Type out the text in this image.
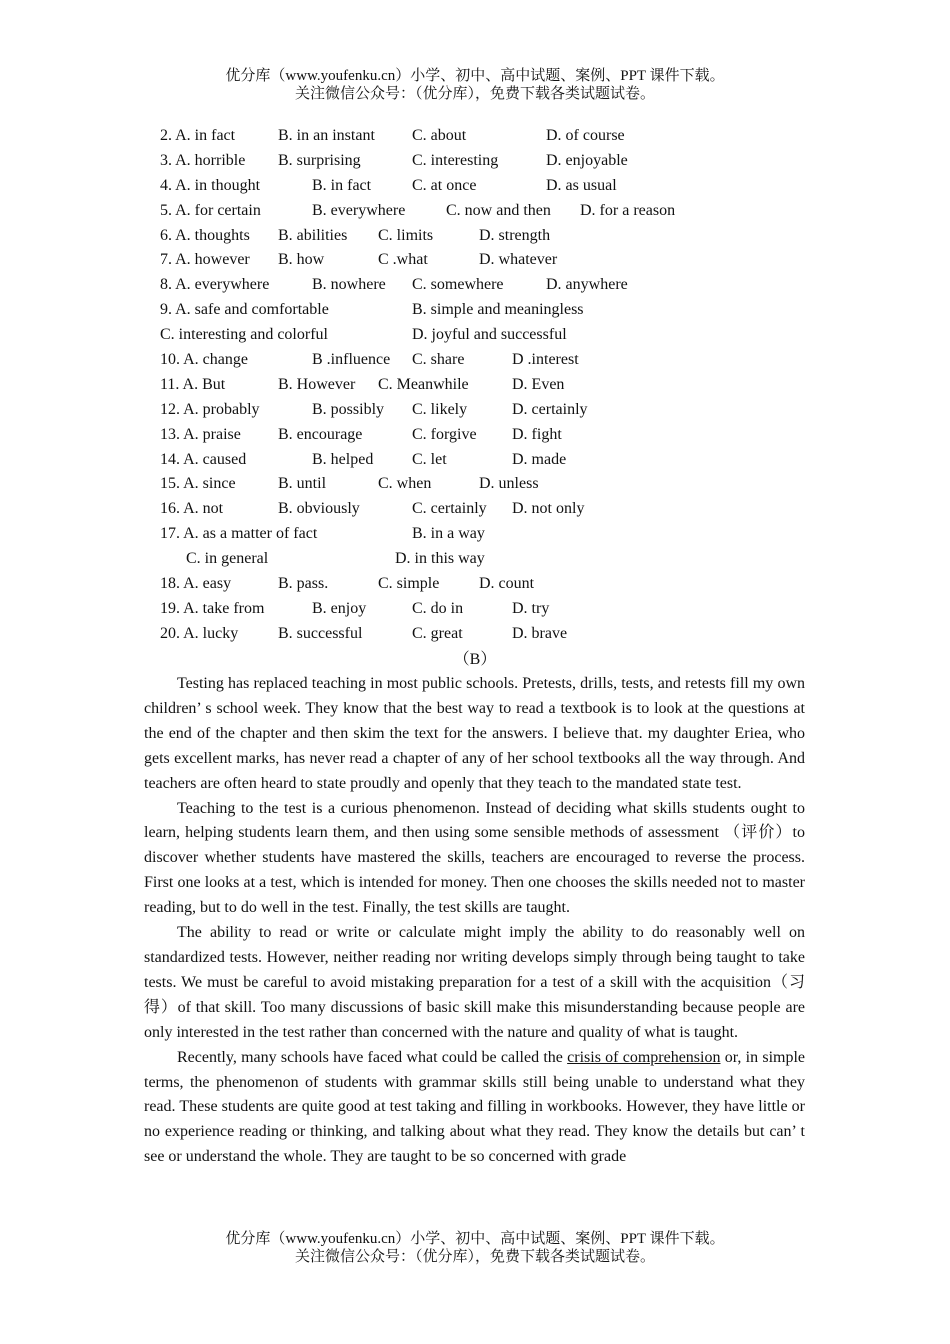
优分库（www.youfenku.cn）小学、初中、高中试题、案例、PPT 课件下载。
关注微信公众号：（优分库），免费下载各类试题试卷。
2. A. in fact	B. in an instant C. about	D. of course
3. A. horrible B. surprising	C. interesting	D. enjoyable
4. A. in thought	B. in fact	C. at once	D. as usual
5. A. for certain	B. everywhere	C. now and then D. for a reason
6. A. thoughts B. abilities C. limits	D. strength
7. A. however B. how	C .what	D. whatever
8. A. everywhere	B. nowhere C. somewhere	D. anywhere
9. A. safe and comfortable	B. simple and meaningless
C. interesting and colorful	D. joyful and successful
10. A. change	B .influence C. share	D .interest
11. A. But	B. However C. Meanwhile	D. Even
12. A. probably	B. possibly C. likely	D. certainly
13. A. praise B. encourage	C. forgive D. fight
14. A. caused	B. helped C. let	D. made
15. A. since	B. until	C. when	D. unless
16. A. not	B. obviously	C. certainly D. not only
17. A. as a matter of fact	B. in a way
C. in general	D. in this way
18. A. easy	B. pass.	C. simple D. count
19. A. take from	B. enjoy	C. do in	D. try
20. A. lucky B. successful	C. great	D. brave
（B）

Testing has replaced teaching in most public schools. Pretests, drills, tests, and retests fill my own children’ s school week. They know that the best way to read a textbook is to look at the questions at the end of the chapter and then skim the text for the answers. I believe that. my daughter Eriea, who gets excellent marks, has never read a chapter of any of her school textbooks all the way through. And teachers are often heard to state proudly and openly that they teach to the mandated state test.

Teaching to the test is a curious phenomenon. Instead of deciding what skills students ought to learn, helping students learn them, and then using some sensible methods of assessment （评价）to discover whether students have mastered the skills, teachers are encouraged to reverse the process. First one looks at a test, which is intended for money. Then one chooses the skills needed not to master reading, but to do well in the test. Finally, the test skills are taught.

The ability to read or write or calculate might imply the ability to do reasonably well on standardized tests. However, neither reading nor writing develops simply through being taught to take tests. We must be careful to avoid mistaking preparation for a test of a skill with the acquisition（习得）of that skill. Too many discussions of basic skill make this misunderstanding because people are only interested in the test rather than concerned with the nature and quality of what is taught.

Recently, many schools have faced what could be called the crisis of comprehension or, in simple terms, the phenomenon of students with grammar skills still being unable to understand what they read. These students are quite good at test taking and filling in workbooks. However, they have little or no experience reading or thinking, and talking about what they read. They know the details but can’ t see or understand the whole. They are taught to be so concerned with grade

优分库（www.youfenku.cn）小学、初中、高中试题、案例、PPT 课件下载。
关注微信公众号：（优分库），免费下载各类试题试卷。
